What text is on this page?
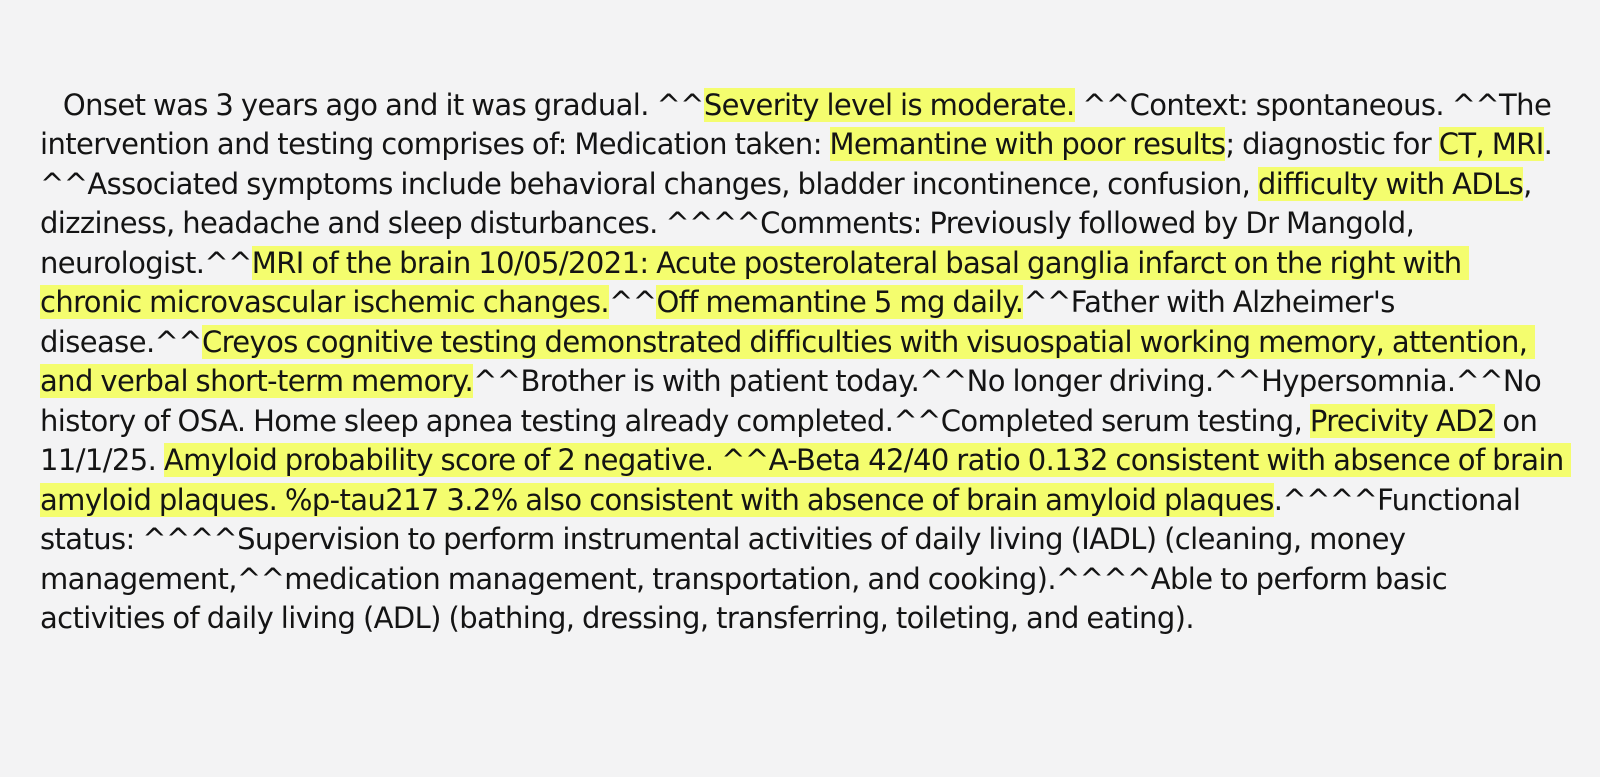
Onset was 3 years ago and it was gradual. ^^Severity level is moderate. ^^Context: spontaneous. ^^The intervention and testing comprises of: Medication taken: Memantine with poor results; diagnostic for CT, MRI. ^^Associated symptoms include behavioral changes, bladder incontinence, confusion, difficulty with ADLs, dizziness, headache and sleep disturbances. ^^^^Comments: Previously followed by Dr Mangold, neurologist.^^MRI of the brain 10/05/2021: Acute posterolateral basal ganglia infarct on the right with chronic microvascular ischemic changes.^^Off memantine 5 mg daily.^^Father with Alzheimer's disease.^^Creyos cognitive testing demonstrated difficulties with visuospatial working memory, attention, and verbal short-term memory.^^Brother is with patient today.^^No longer driving.^^Hypersomnia.^^No history of OSA. Home sleep apnea testing already completed.^^Completed serum testing, Precivity AD2 on 11/1/25. Amyloid probability score of 2 negative. ^^A-Beta 42/40 ratio 0.132 consistent with absence of brain amyloid plaques. %p-tau217 3.2% also consistent with absence of brain amyloid plaques.^^^^Functional status: ^^^^Supervision to perform instrumental activities of daily living (IADL) (cleaning, money management,^^medication management, transportation, and cooking).^^^^Able to perform basic activities of daily living (ADL) (bathing, dressing, transferring, toileting, and eating).
